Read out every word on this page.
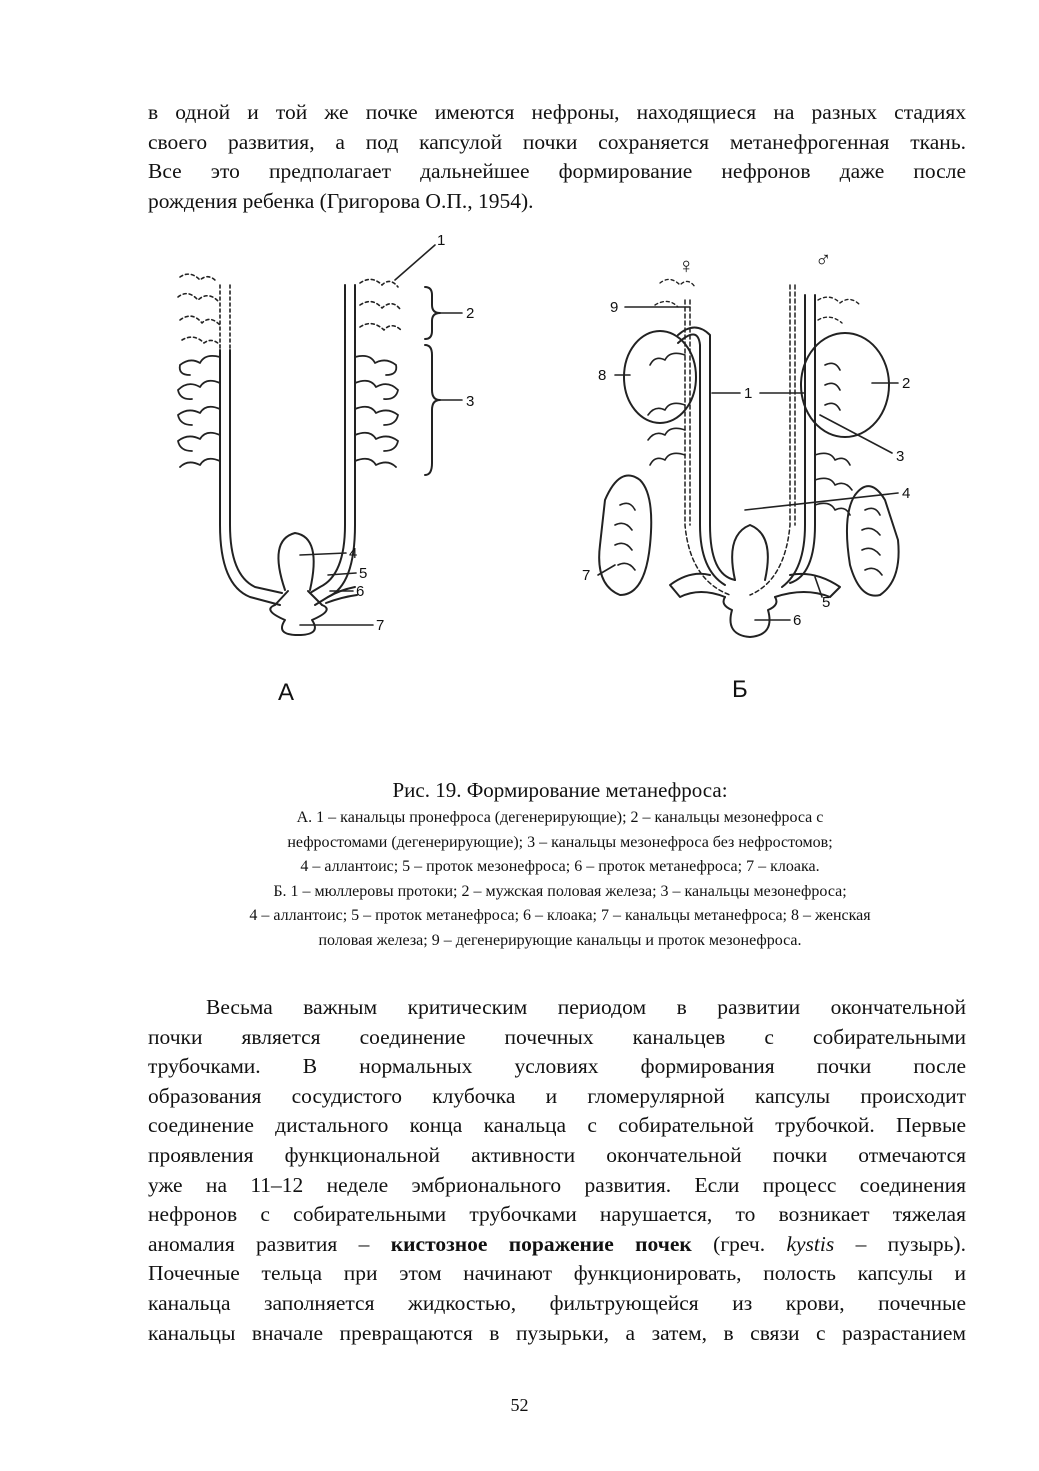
в одной и той же почке имеются нефроны, находящиеся на разных стадиях
своего развития, а под капсулой почки сохраняется метанефрогенная ткань.
Все это предполагает дальнейшее формирование нефронов даже после
рождения ребенка (Григорова О.П., 1954).
1
2
3
4
5
6
7
♀	♂
9
8
1
2
3
4
5
6
7
А	Б

Рис. 19. Формирование метанефроса:

А. 1 – канальцы пронефроса (дегенерирующие); 2 – канальцы мезонефроса с
нефростомами (дегенерирующие); 3 – канальцы мезонефроса без нефростомов;
4 – аллантоис; 5 – проток мезонефроса; 6 – проток метанефроса; 7 – клоака.
Б. 1 – мюллеровы протоки; 2 – мужская половая железа; 3 – канальцы мезонефроса;
4 – аллантоис; 5 – проток метанефроса; 6 – клоака; 7 – канальцы метанефроса; 8 – женская
половая железа; 9 – дегенерирующие канальцы и проток мезонефроса.
Весьма важным критическим периодом в развитии окончательной
почки является соединение почечных канальцев с собирательными
трубочками. В нормальных условиях формирования почки после
образования сосудистого клубочка и гломерулярной капсулы происходит
соединение дистального конца канальца с собирательной трубочкой. Первые
проявления функциональной активности окончательной почки отмечаются
уже на 11–12 неделе эмбрионального развития. Если процесс соединения
нефронов с собирательными трубочками нарушается, то возникает тяжелая
аномалия развития – кистозное поражение почек (греч. kystis – пузырь).
Почечные тельца при этом начинают функционировать, полость капсулы и
канальца заполняется жидкостью, фильтрующейся из крови, почечные
канальцы вначале превращаются в пузырьки, а затем, в связи с разрастанием
52
